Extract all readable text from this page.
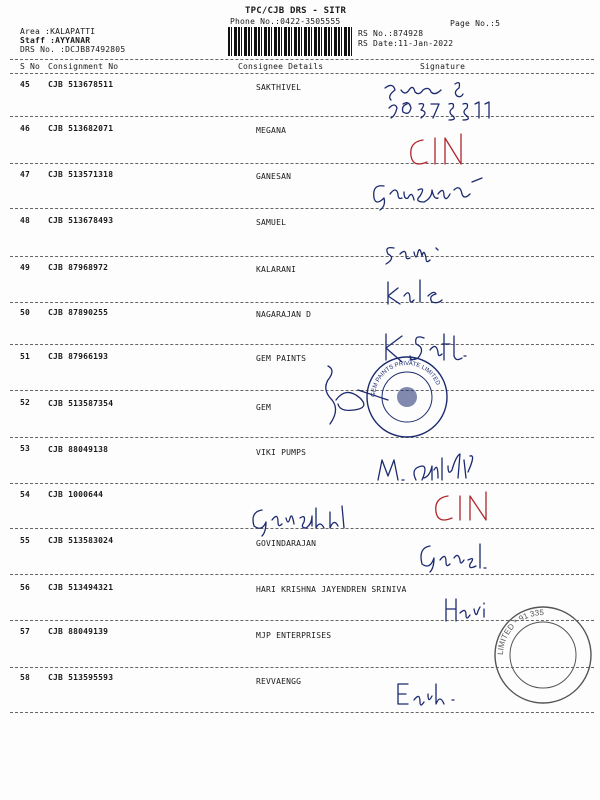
TPC/CJB DRS - SITR
Phone No.:0422-3505555	Page No.:5
Area :KALAPATTI
Staff :AYYANAR
DRS No. :DCJB87492805
RS No.:874928
RS Date:11-Jan-2022
S No Consignment No	Consignee Details	Signature
45 CJB 513678511	SAKTHIVEL
46 CJB 513682071	MEGANA
47 CJB 513571318	GANESAN
48 CJB 513678493	SAMUEL
49 CJB 87968972	KALARANI
50 CJB 87890255	NAGARAJAN D
51 CJB 87966193	GEM PAINTS
52 CJB 513587354	GEM
53 CJB 88049138	VIKI PUMPS
54 CJB 1000644
55 CJB 513583024	GOVINDARAJAN
56 CJB 513494321	HARI KRISHNA JAYENDREN SRINIVA
57 CJB 88049139	MJP ENTERPRISES
58 CJB 513595593	REVVAENGG
GEM PAINTS PRIVATE LIMITED
LIMITED * 91 335
